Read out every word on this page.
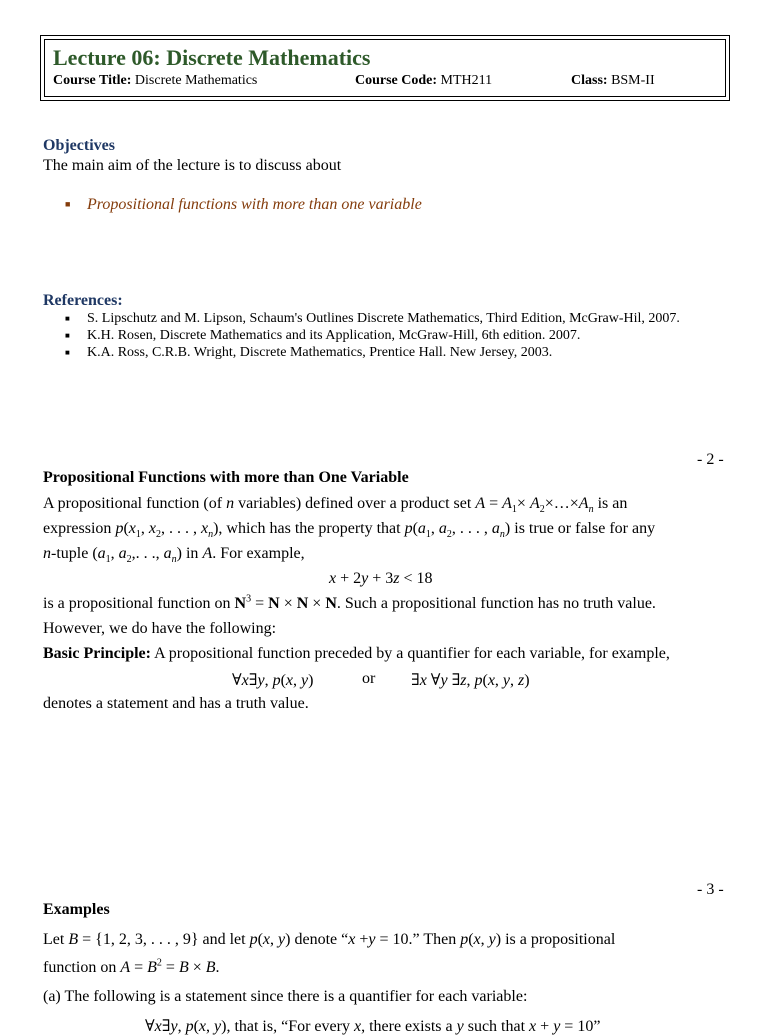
Lecture 06: Discrete Mathematics
Course Title: Discrete Mathematics	Course Code: MTH211	Class: BSM-II
Objectives
The main aim of the lecture is to discuss about
■ Propositional functions with more than one variable
References:
■ S. Lipschutz and M. Lipson, Schaum's Outlines Discrete Mathematics, Third Edition, McGraw-Hil, 2007.
■ K.H. Rosen, Discrete Mathematics and its Application, McGraw-Hill, 6th edition. 2007.
■ K.A. Ross, C.R.B. Wright, Discrete Mathematics, Prentice Hall. New Jersey, 2003.
- 2 -
Propositional Functions with more than One Variable
A propositional function (of n variables) defined over a product set $A = A_1\times$ $A_2\times\dots\times A_n$ is an
expression $p(x_1$, $x_2$, . . . , $x_n$), which has the property that $p(a_1$, $a_2$, . . . , $a_n$) is true or false for any
n-tuple ($a_1$, $a_2$,. . ., $a_n$) in A. For example,
x + 2y + 3z < 18
is a propositional function on $N^3 = N \times N \times N$. Such a propositional function has no truth value.
However, we do have the following:
Basic Principle: A propositional function preceded by a quantifier for each variable, for example,
∀x∃y, p(x, y)	or ∃x ∀y ∃z, p(x, y, z)
denotes a statement and has a truth value.
- 3 -
Examples
Let B = {1, 2, 3, . . . , 9} and let p(x, y) denote “x +y = 10.” Then p(x, y) is a propositional
function on $A = B^2 = B \times B$.
(a) The following is a statement since there is a quantifier for each variable:
∀x∃y, p(x, y), that is, “For every x, there exists a y such that x + y = 10”
